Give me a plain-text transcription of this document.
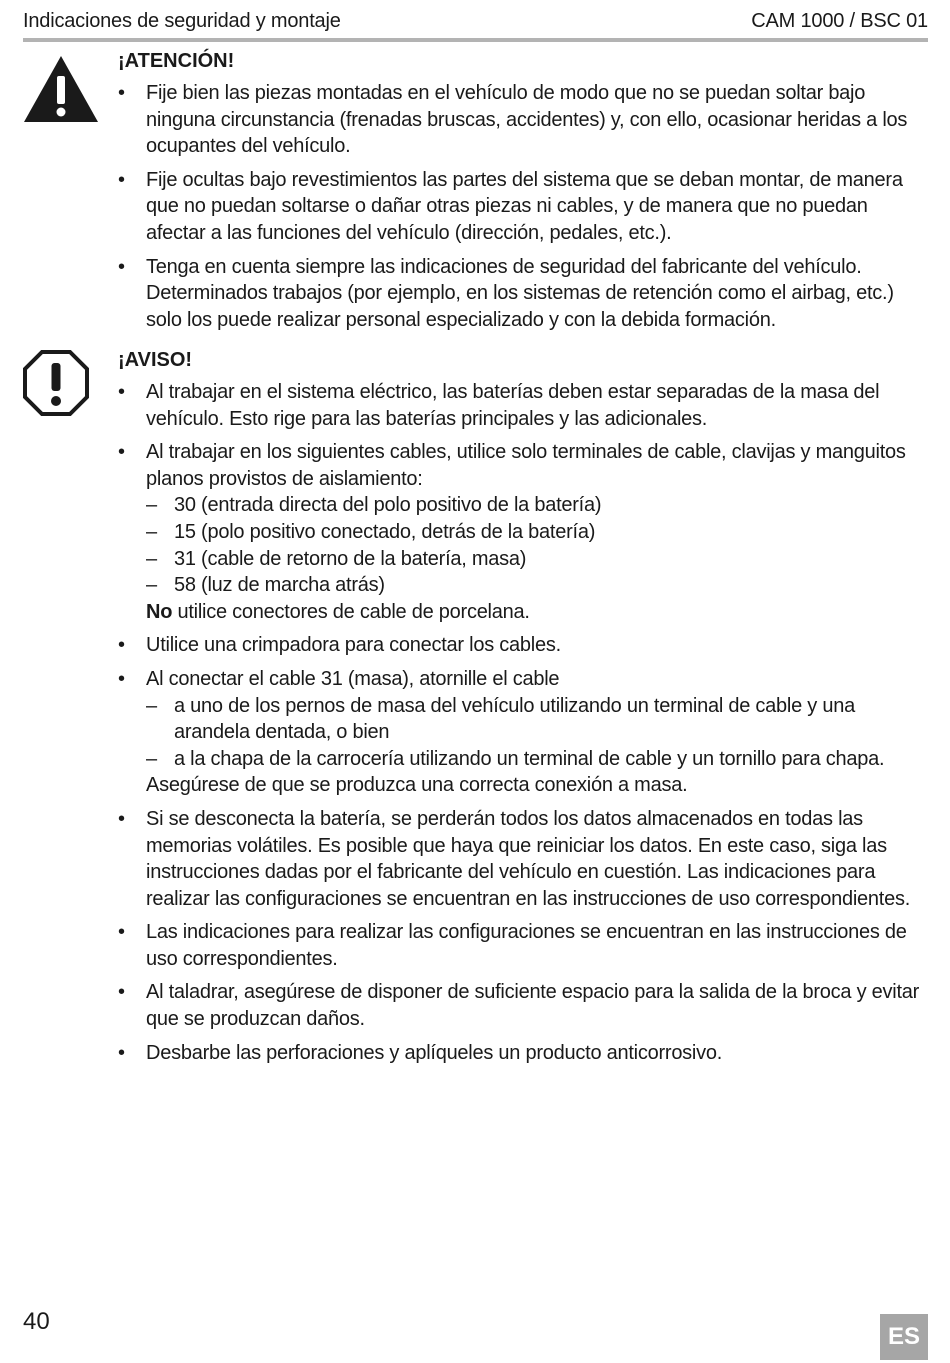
Indicaciones de seguridad y montaje	CAM 1000 / BSC 01
¡ATENCIÓN!
• Fije bien las piezas montadas en el vehículo de modo que no se puedan soltar bajo ninguna circunstancia (frenadas bruscas, accidentes) y, con ello, ocasionar heridas a los ocupantes del vehículo.
• Fije ocultas bajo revestimientos las partes del sistema que se deban montar, de manera que no puedan soltarse o dañar otras piezas ni cables, y de manera que no puedan afectar a las funciones del vehículo (dirección, pedales, etc.).
• Tenga en cuenta siempre las indicaciones de seguridad del fabricante del vehículo. Determinados trabajos (por ejemplo, en los sistemas de retención como el airbag, etc.) solo los puede realizar personal especializado y con la debida formación.
¡AVISO!
• Al trabajar en el sistema eléctrico, las baterías deben estar separadas de la masa del vehículo. Esto rige para las baterías principales y las adicionales.
• Al trabajar en los siguientes cables, utilice solo terminales de cable, clavijas y manguitos planos provistos de aislamiento:
– 30 (entrada directa del polo positivo de la batería)
– 15 (polo positivo conectado, detrás de la batería)
– 31 (cable de retorno de la batería, masa)
– 58 (luz de marcha atrás)
No utilice conectores de cable de porcelana.
• Utilice una crimpadora para conectar los cables.
• Al conectar el cable 31 (masa), atornille el cable
– a uno de los pernos de masa del vehículo utilizando un terminal de cable y una arandela dentada, o bien
– a la chapa de la carrocería utilizando un terminal de cable y un tornillo para chapa.
Asegúrese de que se produzca una correcta conexión a masa.
• Si se desconecta la batería, se perderán todos los datos almacenados en todas las memorias volátiles. Es posible que haya que reiniciar los datos. En este caso, siga las instrucciones dadas por el fabricante del vehículo en cuestión. Las indicaciones para realizar las configuraciones se encuentran en las instrucciones de uso correspondientes.
• Las indicaciones para realizar las configuraciones se encuentran en las instrucciones de uso correspondientes.
• Al taladrar, asegúrese de disponer de suficiente espacio para la salida de la broca y evitar que se produzcan daños.
• Desbarbe las perforaciones y aplíqueles un producto anticorrosivo.
40
ES
